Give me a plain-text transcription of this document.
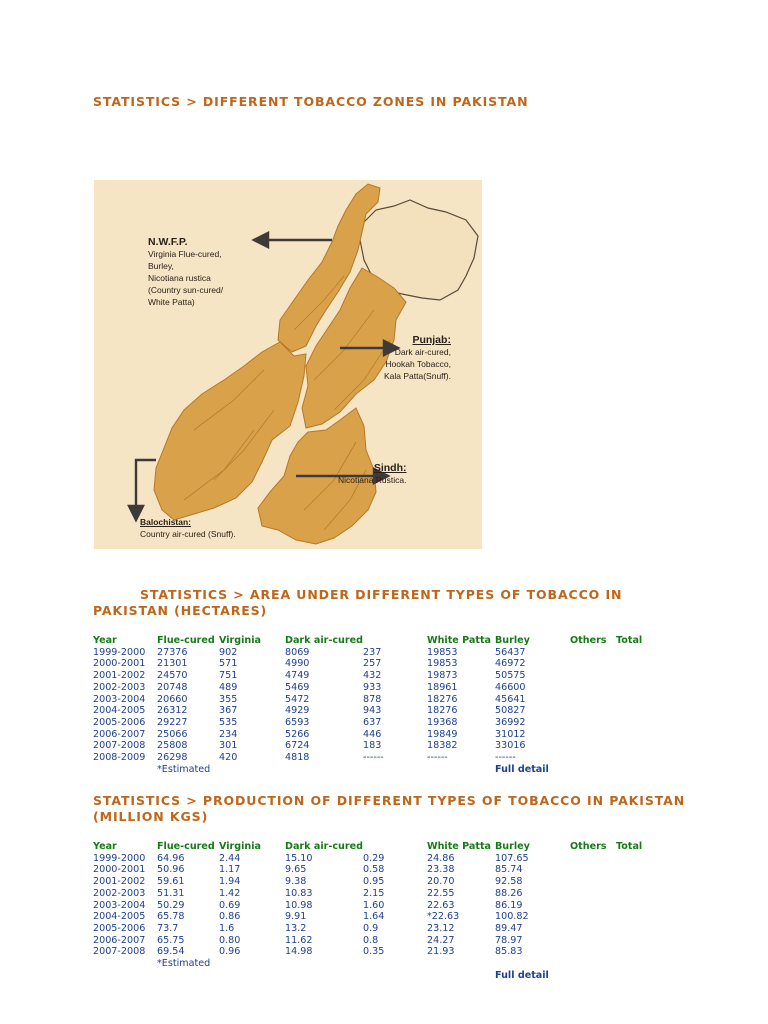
STATISTICS > DIFFERENT TOBACCO ZONES IN PAKISTAN
N.W.F.P.
Virginia Flue-cured,
Burley,
Nicotiana rustica
(Country sun-cured/
White Patta)
Punjab:
Dark air-cured,
Hookah Tobacco,
Kala Patta(Snuff).
Sindh:
Nicotiana Rustica.
Balochistan:
Country air-cured (Snuff).
STATISTICS > AREA UNDER DIFFERENT TYPES OF TOBACCO IN PAKISTAN (HECTARES)
Year	Flue-cured	Virginia	Dark air-cured		White Patta	Burley	Others	Total
1999-2000	27376	902	8069	237	19853	56437		
2000-2001	21301	571	4990	257	19853	46972		
2001-2002	24570	751	4749	432	19873	50575		
2002-2003	20748	489	5469	933	18961	46600		
2003-2004	20660	355	5472	878	18276	45641		
2004-2005	26312	367	4929	943	18276	50827		
2005-2006	29227	535	6593	637	19368	36992		
2006-2007	25066	234	5266	446	19849	31012		
2007-2008	25808	301	6724	183	18382	33016		
2008-2009	26298	420	4818	------	------	------		
	*Estimated					Full detail		
STATISTICS > PRODUCTION OF DIFFERENT TYPES OF TOBACCO IN PAKISTAN (MILLION KGS)
Year	Flue-cured	Virginia	Dark air-cured		White Patta	Burley	Others	Total
1999-2000	64.96	2.44	15.10	0.29	24.86	107.65		
2000-2001	50.96	1.17	9.65	0.58	23.38	85.74		
2001-2002	59.61	1.94	9.38	0.95	20.70	92.58		
2002-2003	51.31	1.42	10.83	2.15	22.55	88.26		
2003-2004	50.29	0.69	10.98	1.60	22.63	86.19		
2004-2005	65.78	0.86	9.91	1.64	*22.63	100.82		
2005-2006	73.7	1.6	13.2	0.9	23.12	89.47		
2006-2007	65.75	0.80	11.62	0.8	24.27	78.97		
2007-2008	69.54	0.96	14.98	0.35	21.93	85.83		
	*Estimated							
						Full detail		
